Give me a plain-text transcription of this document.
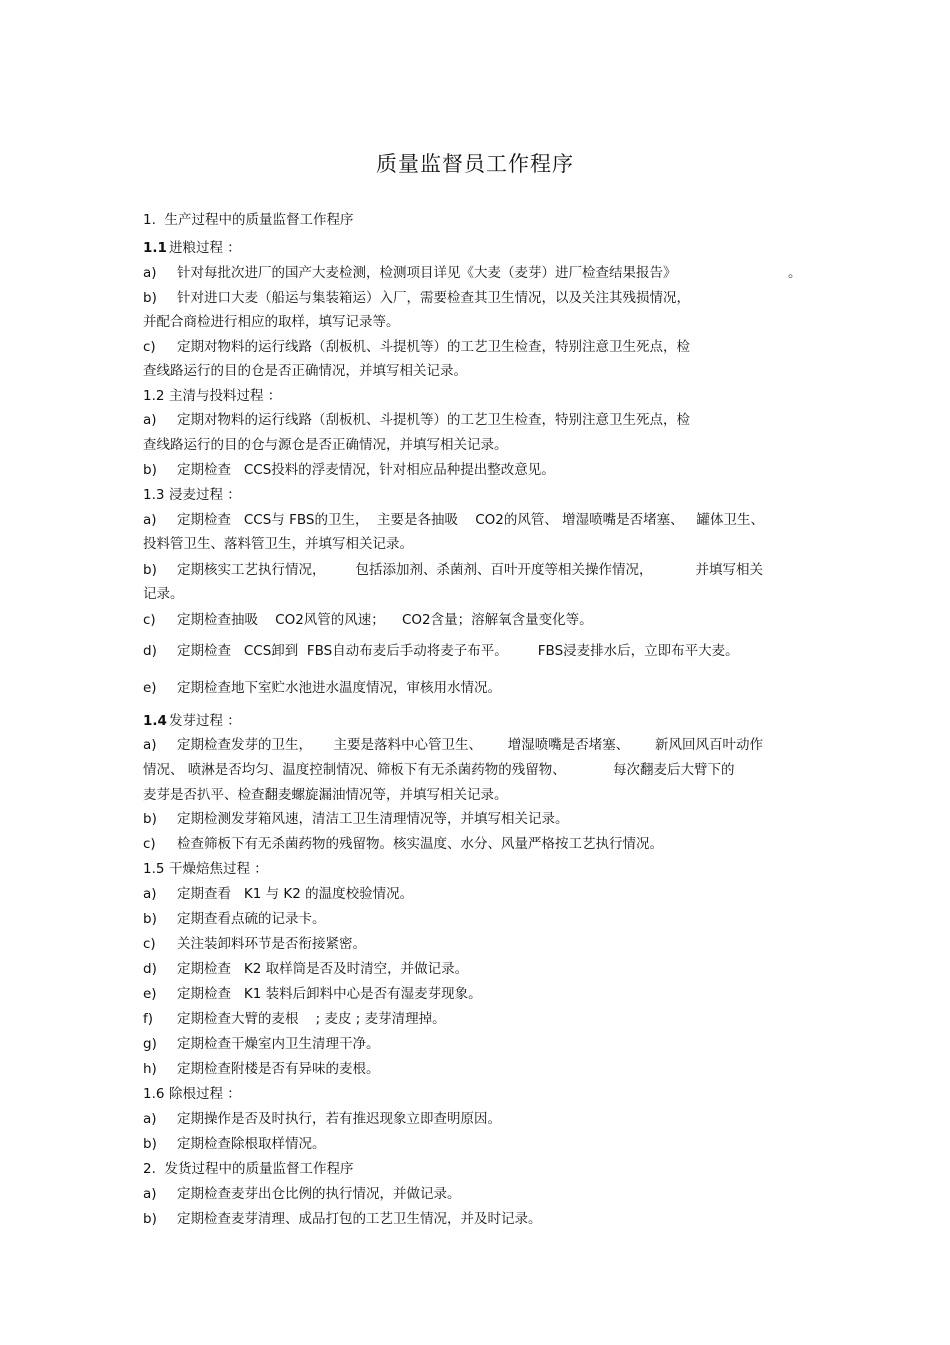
质量监督员工作程序
1.  生产过程中的质量监督工作程序
1.1 进粮过程 ：
a) 针对每批次进厂的国产大麦检测，检测项目详见《大麦（麦芽）进厂检查结果报告》	。
b) 针对进口大麦（船运与集装箱运）入厂，需要检查其卫生情况，以及关注其残损情况，
并配合商检进行相应的取样，填写记录等。
c) 定期对物料的运行线路（刮板机、斗提机等）的工艺卫生检查，特别注意卫生死点，检
查线路运行的目的仓是否正确情况，并填写相关记录。
1.2 主清与投料过程 ：
a) 定期对物料的运行线路（刮板机、斗提机等）的工艺卫生检查，特别注意卫生死点，检
查线路运行的目的仓与源仓是否正确情况，并填写相关记录。
b) 定期检查   CCS投料的浮麦情况，针对相应品种提出整改意见。
1.3 浸麦过程 ：
a) 定期检查   CCS与 FBS的卫生，  主要是各抽吸    CO2的风管、 增湿喷嘴是否堵塞、   罐体卫生、
投料管卫生、落料管卫生，并填写相关记录。
b) 定期核实工艺执行情况，       包括添加剂、杀菌剂、百叶开度等相关操作情况，          并填写相关
记录。
c) 定期检查抽吸    CO2风管的风速；    CO2含量；溶解氧含量变化等。
d) 定期检查   CCS卸到  FBS自动布麦后手动将麦子布平。       FBS浸麦排水后，立即布平大麦。
e) 定期检查地下室贮水池进水温度情况，审核用水情况。
1.4 发芽过程 ：
a) 定期检查发芽的卫生，     主要是落料中心管卫生、      增湿喷嘴是否堵塞、      新风回风百叶动作
情况、 喷淋是否均匀、温度控制情况、筛板下有无杀菌药物的残留物、           每次翻麦后大臂下的
麦芽是否扒平、检查翻麦螺旋漏油情况等，并填写相关记录。
b) 定期检测发芽箱风速，清洁工卫生清理情况等，并填写相关记录。
c) 检查筛板下有无杀菌药物的残留物。核实温度、水分、风量严格按工艺执行情况。
1.5 干燥焙焦过程 ：
a) 定期查看   K1 与 K2 的温度校验情况。
b) 定期查看点硫的记录卡。
c) 关注装卸料环节是否衔接紧密。
d) 定期检查   K2 取样筒是否及时清空，并做记录。
e) 定期检查   K1 装料后卸料中心是否有湿麦芽现象。
f) 定期检查大臂的麦根    ; 麦皮 ; 麦芽清理掉。
g) 定期检查干燥室内卫生清理干净。
h) 定期检查附楼是否有异味的麦根。
1.6 除根过程 ：
a) 定期操作是否及时执行，若有推迟现象立即查明原因。
b) 定期检查除根取样情况。
2.  发货过程中的质量监督工作程序
a) 定期检查麦芽出仓比例的执行情况，并做记录。
b) 定期检查麦芽清理、成品打包的工艺卫生情况，并及时记录。
